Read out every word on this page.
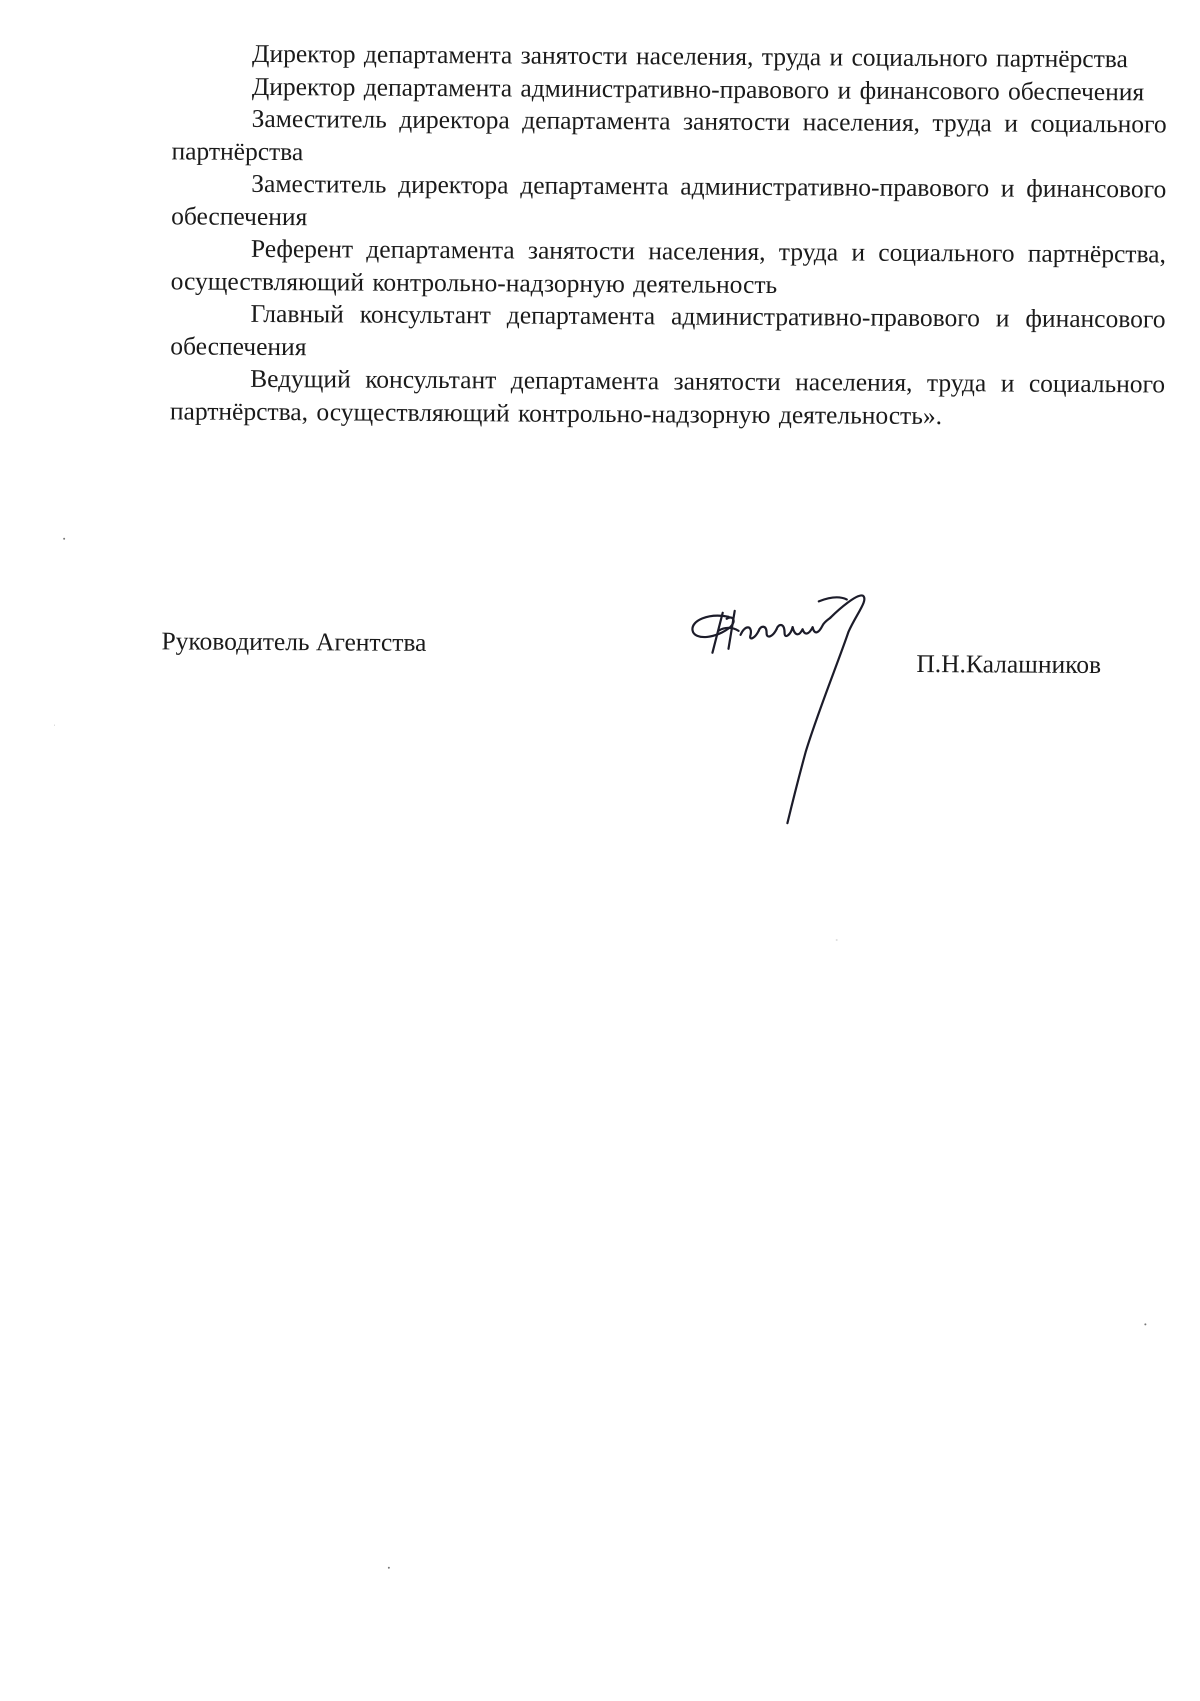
Директор департамента занятости населения, труда и социального партнёрства

Директор департамента административно-правового и финансового обеспечения

Заместитель директора департамента занятости населения, труда и социального партнёрства

Заместитель директора департамента административно-правового и финансового обеспечения

Референт департамента занятости населения, труда и социального партнёрства, осуществляющий контрольно-надзорную деятельность

Главный консультант департамента административно-правового и финансового обеспечения

Ведущий консультант департамента занятости населения, труда и социального партнёрства, осуществляющий контрольно-надзорную деятельность».

Руководитель Агентства
П.Н.Калашников
